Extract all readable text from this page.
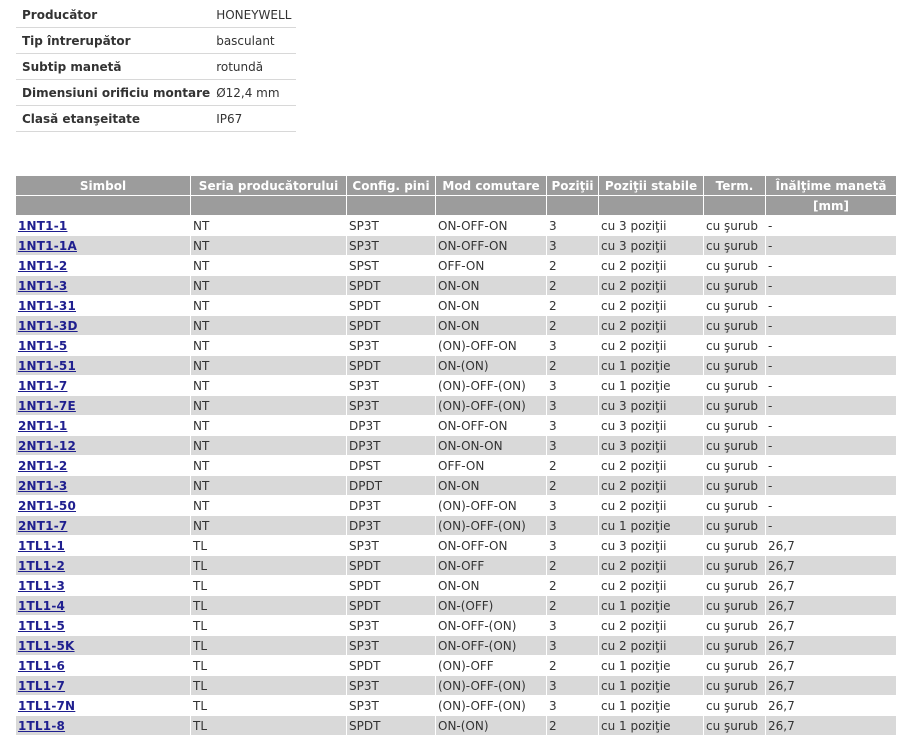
Producător	HONEYWELL
Tip întrerupător	basculant
Subtip manetă	rotundă
Dimensiuni orificiu montare	Ø12,4 mm
Clasă etanşeitate	IP67
Simbol	Seria producătorului	Config. pini	Mod comutare	Poziţii	Poziţii stabile	Term.	Înălţime manetă
							[mm]
1NT1-1	NT	SP3T	ON-OFF-ON	3	cu 3 poziţii	cu şurub	-
1NT1-1A	NT	SP3T	ON-OFF-ON	3	cu 3 poziţii	cu şurub	-
1NT1-2	NT	SPST	OFF-ON	2	cu 2 poziţii	cu şurub	-
1NT1-3	NT	SPDT	ON-ON	2	cu 2 poziţii	cu şurub	-
1NT1-31	NT	SPDT	ON-ON	2	cu 2 poziţii	cu şurub	-
1NT1-3D	NT	SPDT	ON-ON	2	cu 2 poziţii	cu şurub	-
1NT1-5	NT	SP3T	(ON)-OFF-ON	3	cu 2 poziţii	cu şurub	-
1NT1-51	NT	SPDT	ON-(ON)	2	cu 1 poziţie	cu şurub	-
1NT1-7	NT	SP3T	(ON)-OFF-(ON)	3	cu 1 poziţie	cu şurub	-
1NT1-7E	NT	SP3T	(ON)-OFF-(ON)	3	cu 3 poziţii	cu şurub	-
2NT1-1	NT	DP3T	ON-OFF-ON	3	cu 3 poziţii	cu şurub	-
2NT1-12	NT	DP3T	ON-ON-ON	3	cu 3 poziţii	cu şurub	-
2NT1-2	NT	DPST	OFF-ON	2	cu 2 poziţii	cu şurub	-
2NT1-3	NT	DPDT	ON-ON	2	cu 2 poziţii	cu şurub	-
2NT1-50	NT	DP3T	(ON)-OFF-ON	3	cu 2 poziţii	cu şurub	-
2NT1-7	NT	DP3T	(ON)-OFF-(ON)	3	cu 1 poziţie	cu şurub	-
1TL1-1	TL	SP3T	ON-OFF-ON	3	cu 3 poziţii	cu şurub	26,7
1TL1-2	TL	SPDT	ON-OFF	2	cu 2 poziţii	cu şurub	26,7
1TL1-3	TL	SPDT	ON-ON	2	cu 2 poziţii	cu şurub	26,7
1TL1-4	TL	SPDT	ON-(OFF)	2	cu 1 poziţie	cu şurub	26,7
1TL1-5	TL	SP3T	ON-OFF-(ON)	3	cu 2 poziţii	cu şurub	26,7
1TL1-5K	TL	SP3T	ON-OFF-(ON)	3	cu 2 poziţii	cu şurub	26,7
1TL1-6	TL	SPDT	(ON)-OFF	2	cu 1 poziţie	cu şurub	26,7
1TL1-7	TL	SP3T	(ON)-OFF-(ON)	3	cu 1 poziţie	cu şurub	26,7
1TL1-7N	TL	SP3T	(ON)-OFF-(ON)	3	cu 1 poziţie	cu şurub	26,7
1TL1-8	TL	SPDT	ON-(ON)	2	cu 1 poziţie	cu şurub	26,7
